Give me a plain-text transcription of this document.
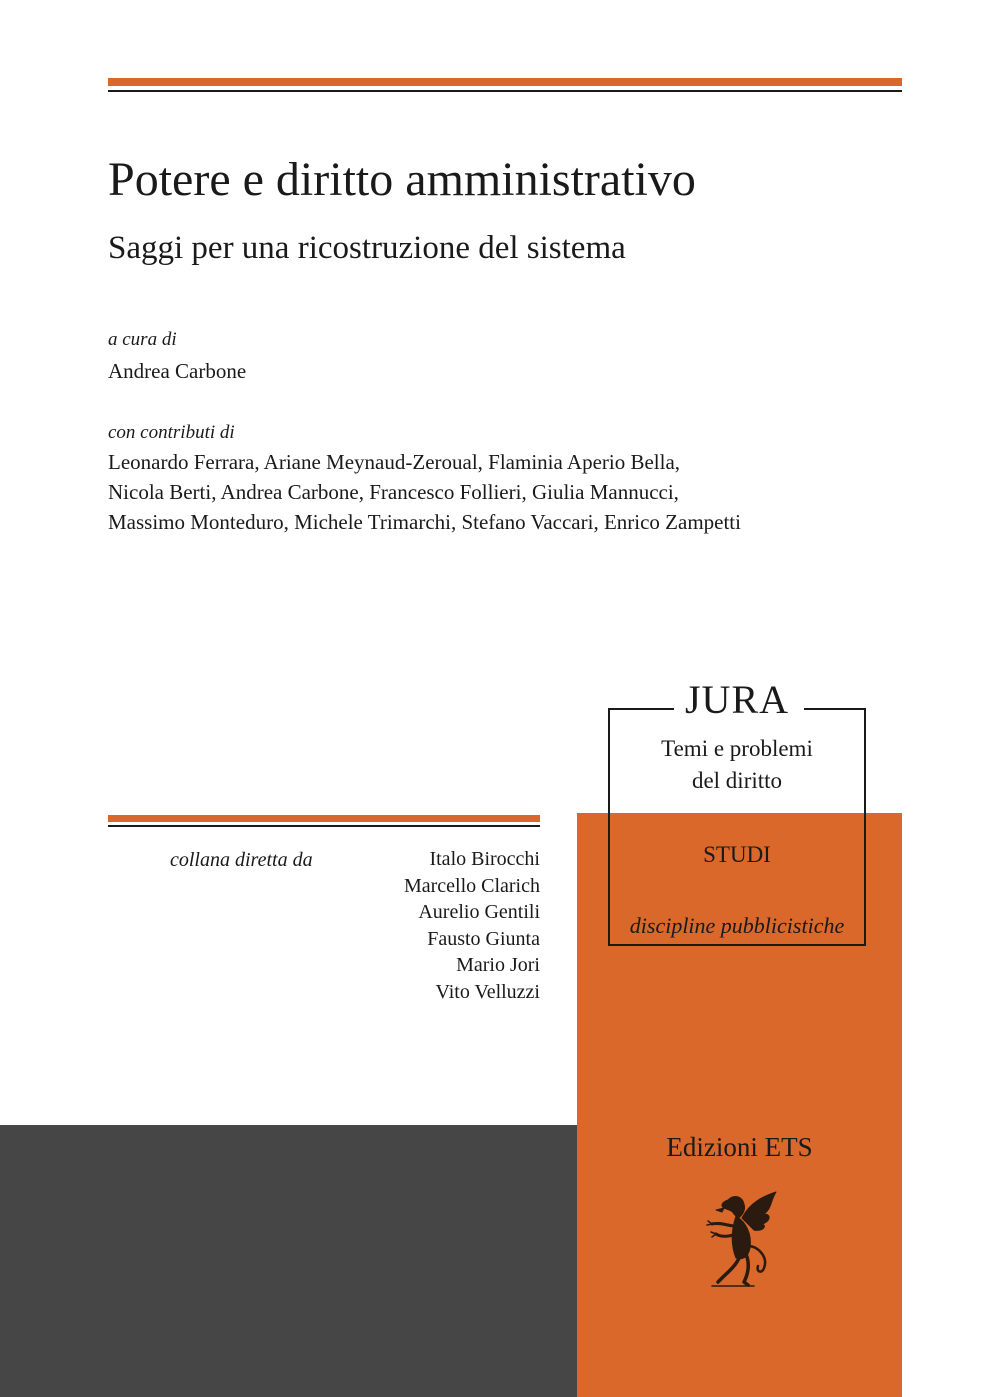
Potere e diritto amministrativo
Saggi per una ricostruzione del sistema
a cura di
Andrea Carbone
con contributi di
Leonardo Ferrara, Ariane Meynaud-Zeroual, Flaminia Aperio Bella,
Nicola Berti, Andrea Carbone, Francesco Follieri, Giulia Mannucci,
Massimo Monteduro, Michele Trimarchi, Stefano Vaccari, Enrico Zampetti
JURA
Temi e problemi
del diritto
STUDI
discipline pubblicistiche
collana diretta da	Italo Birocchi
Marcello Clarich
Aurelio Gentili
Fausto Giunta
Mario Jori
Vito Velluzzi
Edizioni ETS
